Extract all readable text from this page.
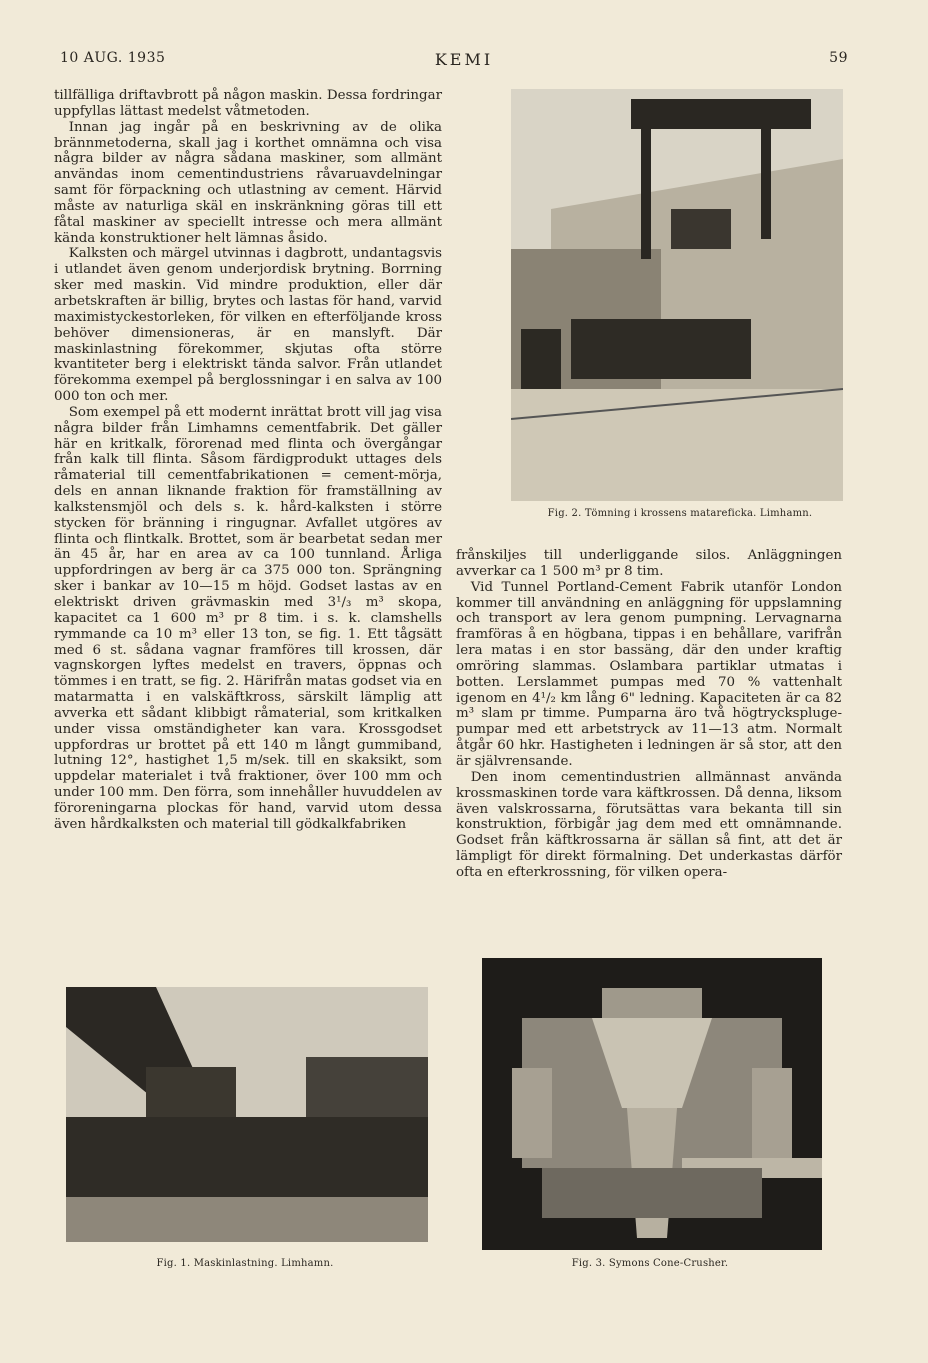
10 AUG. 1935	KEMI	59

tillfälliga driftavbrott på någon maskin. Dessa fordringar uppfyllas lättast medelst våtmetoden.

Innan jag ingår på en beskrivning av de olika brännmetoderna, skall jag i korthet omnämna och visa några bilder av några sådana maskiner, som allmänt användas inom cementindustriens råvaruavdelningar samt för förpackning och utlastning av cement. Härvid måste av naturliga skäl en inskränkning göras till ett fåtal maskiner av speciellt intresse och mera allmänt kända konstruktioner helt lämnas åsido.

Kalksten och märgel utvinnas i dagbrott, undantagsvis i utlandet även genom underjordisk brytning. Borrning sker med maskin. Vid mindre produktion, eller där arbetskraften är billig, brytes och lastas för hand, varvid maximistyckestorleken, för vilken en efterföljande kross behöver dimensioneras, är en manslyft. Där maskinlastning förekommer, skjutas ofta större kvantiteter berg i elektriskt tända salvor. Från utlandet förekomma exempel på berglossningar i en salva av 100 000 ton och mer.

Som exempel på ett modernt inrättat brott vill jag visa några bilder från Limhamns cementfabrik. Det gäller här en kritkalk, förorenad med flinta och övergångar från kalk till flinta. Såsom färdigprodukt uttages dels råmaterial till cementfabrikationen = cement-mörja, dels en annan liknande fraktion för framställning av kalkstensmjöl och dels s. k. hård-kalksten i större stycken för bränning i ringugnar. Avfallet utgöres av flinta och flintkalk. Brottet, som är bearbetat sedan mer än 45 år, har en area av ca 100 tunnland. Årliga uppfordringen av berg är ca 375 000 ton. Sprängning sker i bankar av 10—15 m höjd. Godset lastas av en elektriskt driven grävmaskin med 3¹/₃ m³ skopa, kapacitet ca 1 600 m³ pr 8 tim. i s. k. clamshells rymmande ca 10 m³ eller 13 ton, se fig. 1. Ett tågsätt med 6 st. sådana vagnar framföres till krossen, där vagnskorgen lyftes medelst en travers, öppnas och tömmes i en tratt, se fig. 2. Härifrån matas godset via en matarmatta i en valskäftkross, särskilt lämplig att avverka ett sådant klibbigt råmaterial, som kritkalken under vissa omständigheter kan vara. Krossgodset uppfordras ur brottet på ett 140 m långt gummiband, lutning 12°, hastighet 1,5 m/sek. till en skaksikt, som uppdelar materialet i två fraktioner, över 100 mm och under 100 mm. Den förra, som innehåller huvuddelen av föroreningarna plockas för hand, varvid utom dessa även hårdkalksten och material till gödkalkfabriken

Fig. 2. Tömning i krossens matareficka. Limhamn.

frånskiljes till underliggande silos. Anläggningen avverkar ca 1 500 m³ pr 8 tim.

Vid Tunnel Portland-Cement Fabrik utanför London kommer till användning en anläggning för uppslamning och transport av lera genom pumpning. Lervagnarna framföras å en högbana, tippas i en behållare, varifrån lera matas i en stor bassäng, där den under kraftig omröring slammas. Oslambara partiklar utmatas i botten. Lerslammet pumpas med 70 % vattenhalt igenom en 4¹/₂ km lång 6" ledning. Kapaciteten är ca 82 m³ slam pr timme. Pumparna äro två högtryckspluge-pumpar med ett arbetstryck av 11—13 atm. Normalt åtgår 60 hkr. Hastigheten i ledningen är så stor, att den är självrensande.

Den inom cementindustrien allmännast använda krossmaskinen torde vara käftkrossen. Då denna, liksom även valskrossarna, förutsättas vara bekanta till sin konstruktion, förbigår jag dem med ett omnämnande. Godset från käftkrossarna är sällan så fint, att det är lämpligt för direkt förmalning. Det underkastas därför ofta en efterkrossning, för vilken opera-

Fig. 1. Maskinlastning. Limhamn.	Fig. 3. Symons Cone-Crusher.
